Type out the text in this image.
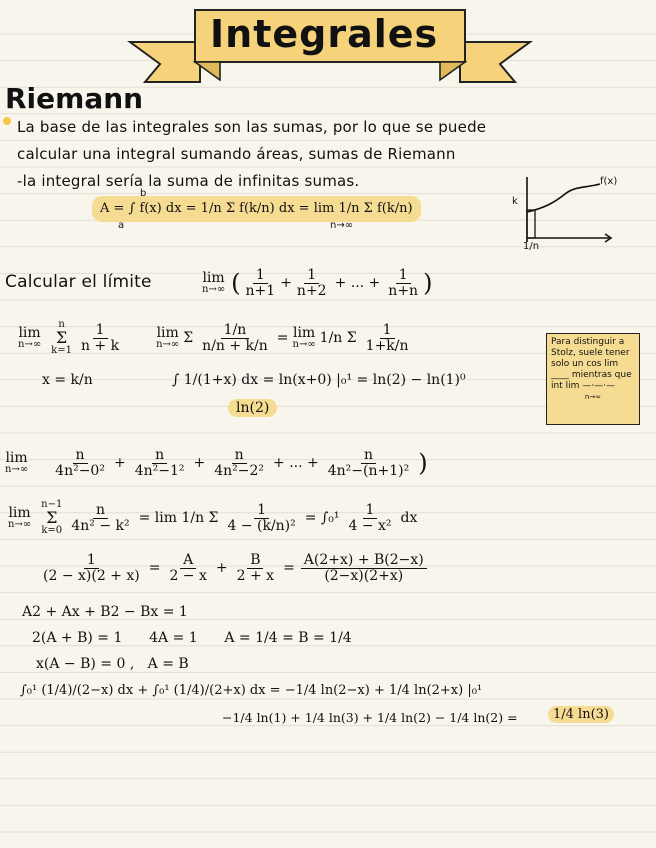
Integrales
Riemann
La base de las integrales son las sumas, por lo que se puede
calcular una integral sumando áreas, sumas de Riemann
-la integral sería la suma de infinitas sumas.
A = ∫ f(x) dx = 1/n Σ f(k/n) dx = lim 1/n Σ f(k/n)
b
a	n→∞
f(x)
k
1/n
Calcular el límite	lim
n→∞ ( $\frac{1}{n+1} + \frac{1}{n+2}$ + ... + $\frac{1}{n+n}$ )
lim
n→∞
n
Σ
$k=1 \frac{1}{n + k}$ lim
n→∞ Σ $\frac{1/n}{n/n + k/n} = \lim$
n→∞ 1/n Σ $\frac{1}{1+k/n}$
x = k/n	∫ 1/(1+x) dx = ln(x+0) |₀¹ = ln(2) − ln(1)⁰
ln(2)
Para distinguir a Stolz, suele tener solo un cos lim ____ mientras que int lim —·—·—
n→∞
lim
$n\to\infty \frac{n}{\text{4n²−0²}} + \frac{n}{\text{4n²−1²}} + \frac{n}{\text{4n²−2²}}$ + ... + $\frac{n}{\text{4n²−(n+1)²}}$ )
lim
n→∞
n−1
Σ
$k=0 \frac{n}{\text{4n² − k²}} = \lim 1/n$ Σ $\frac{1}{\text{4 − (k/n)²}} = \int_0^1 \frac{1}{\text{4 − x²}}$ dx
$\frac{1}{(2 - x)(2 + x)} = \frac{A}{2 - x} + \frac{B}{2 + x} = \frac{A(2+x) + B(2-x)}{(2-x)(2+x)}$
A2 + Ax + B2 − Bx = 1
2(A + B) = 1      4A = 1      A = 1/4 = B = 1/4
x(A − B) = 0 ,   A = B
∫₀¹ (1/4)/(2−x) dx + ∫₀¹ (1/4)/(2+x) dx = −1/4 ln(2−x) + 1/4 ln(2+x) |₀¹
−1/4 ln(1) + 1/4 ln(3) + 1/4 ln(2) − 1/4 ln(2) =	1/4 ln(3)
